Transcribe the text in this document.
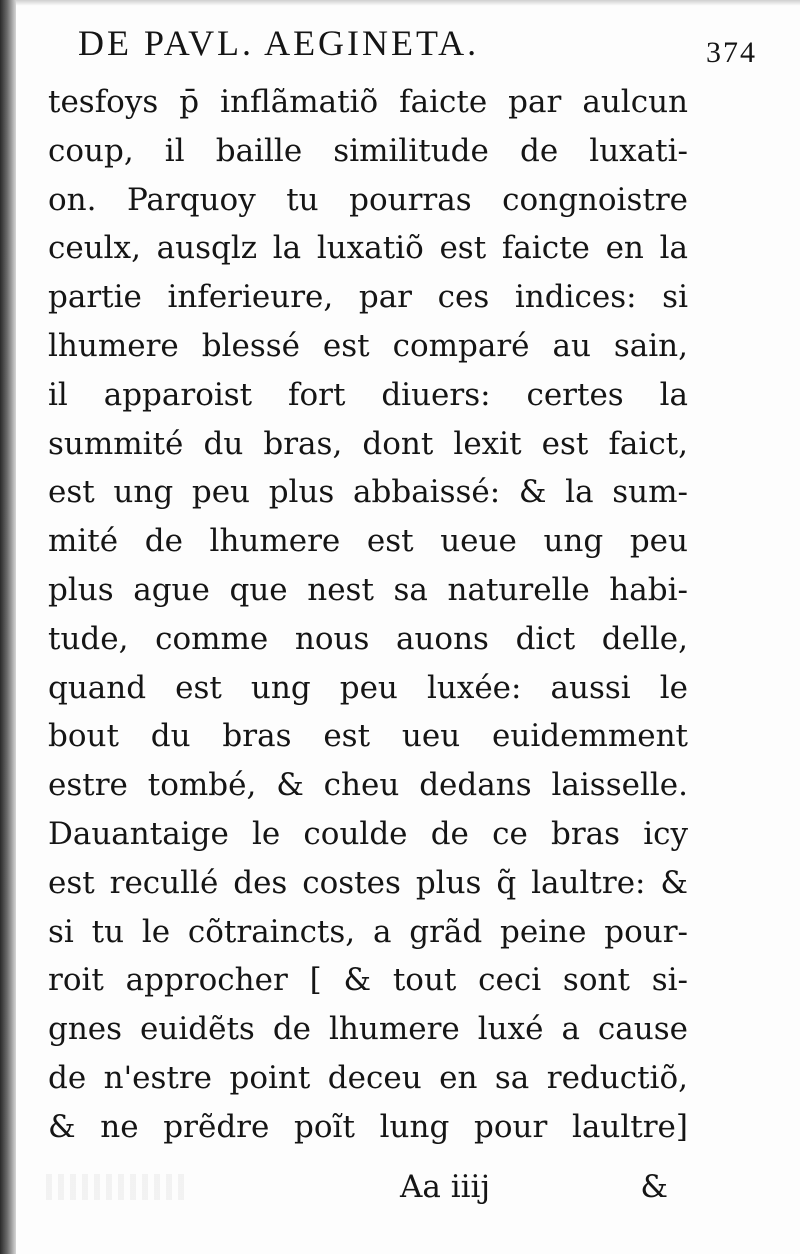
DE PAVL. AEGINETA.	374
tesfoys p̄ inflãmatiõ faicte par aulcun
coup, il baille similitude de luxati-
on. Parquoy tu pourras congnoistre
ceulx, ausqlz la luxatiõ est faicte en la
partie inferieure, par ces indices: si
lhumere blessé est comparé au sain,
il apparoist fort diuers: certes la
summité du bras, dont lexit est faict,
est ung peu plus abbaissé: & la sum-
mité de lhumere est ueue ung peu
plus ague que nest sa naturelle habi-
tude, comme nous auons dict delle,
quand est ung peu luxée: aussi le
bout du bras est ueu euidemment
estre tombé, & cheu dedans laisselle.
Dauantaige le coulde de ce bras icy
est recullé des costes plus q̃ laultre: &
si tu le cõtraincts, a grãd peine pour-
roit approcher [ & tout ceci sont si-
gnes euidẽts de lhumere luxé a cause
de n'estre point deceu en sa reductiõ,
& ne prẽdre poĩt lung pour laultre]
Aa iiij	&
